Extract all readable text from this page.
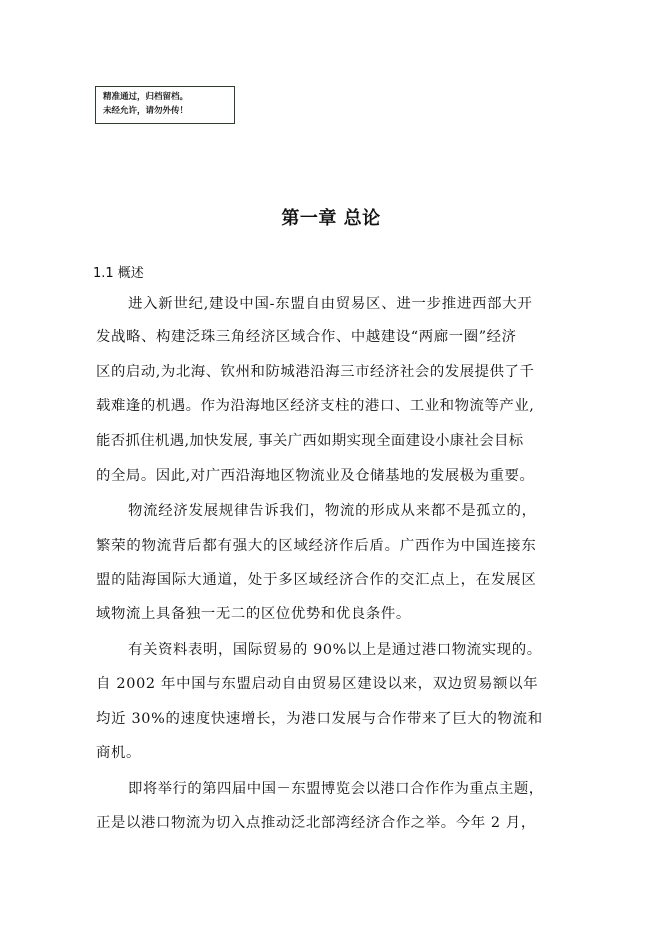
精准通过，归档留档。
未经允许，请勿外传！
第一章 总论
1.1 概述
进入新世纪,建设中国-东盟自由贸易区、进一步推进西部大开
发战略、构建泛珠三角经济区域合作、中越建设“两廊一圈”经济
区的启动,为北海、钦州和防城港沿海三市经济社会的发展提供了千
载难逢的机遇。作为沿海地区经济支柱的港口、工业和物流等产业,
能否抓住机遇,加快发展, 事关广西如期实现全面建设小康社会目标
的全局。因此,对广西沿海地区物流业及仓储基地的发展极为重要。
物流经济发展规律告诉我们，物流的形成从来都不是孤立的，
繁荣的物流背后都有强大的区域经济作后盾。广西作为中国连接东
盟的陆海国际大通道，处于多区域经济合作的交汇点上，在发展区
域物流上具备独一无二的区位优势和优良条件。
有关资料表明，国际贸易的 90%以上是通过港口物流实现的。
自 2002 年中国与东盟启动自由贸易区建设以来，双边贸易额以年
均近 30%的速度快速增长，为港口发展与合作带来了巨大的物流和
商机。
即将举行的第四届中国－东盟博览会以港口合作作为重点主题，
正是以港口物流为切入点推动泛北部湾经济合作之举。今年 2 月，
